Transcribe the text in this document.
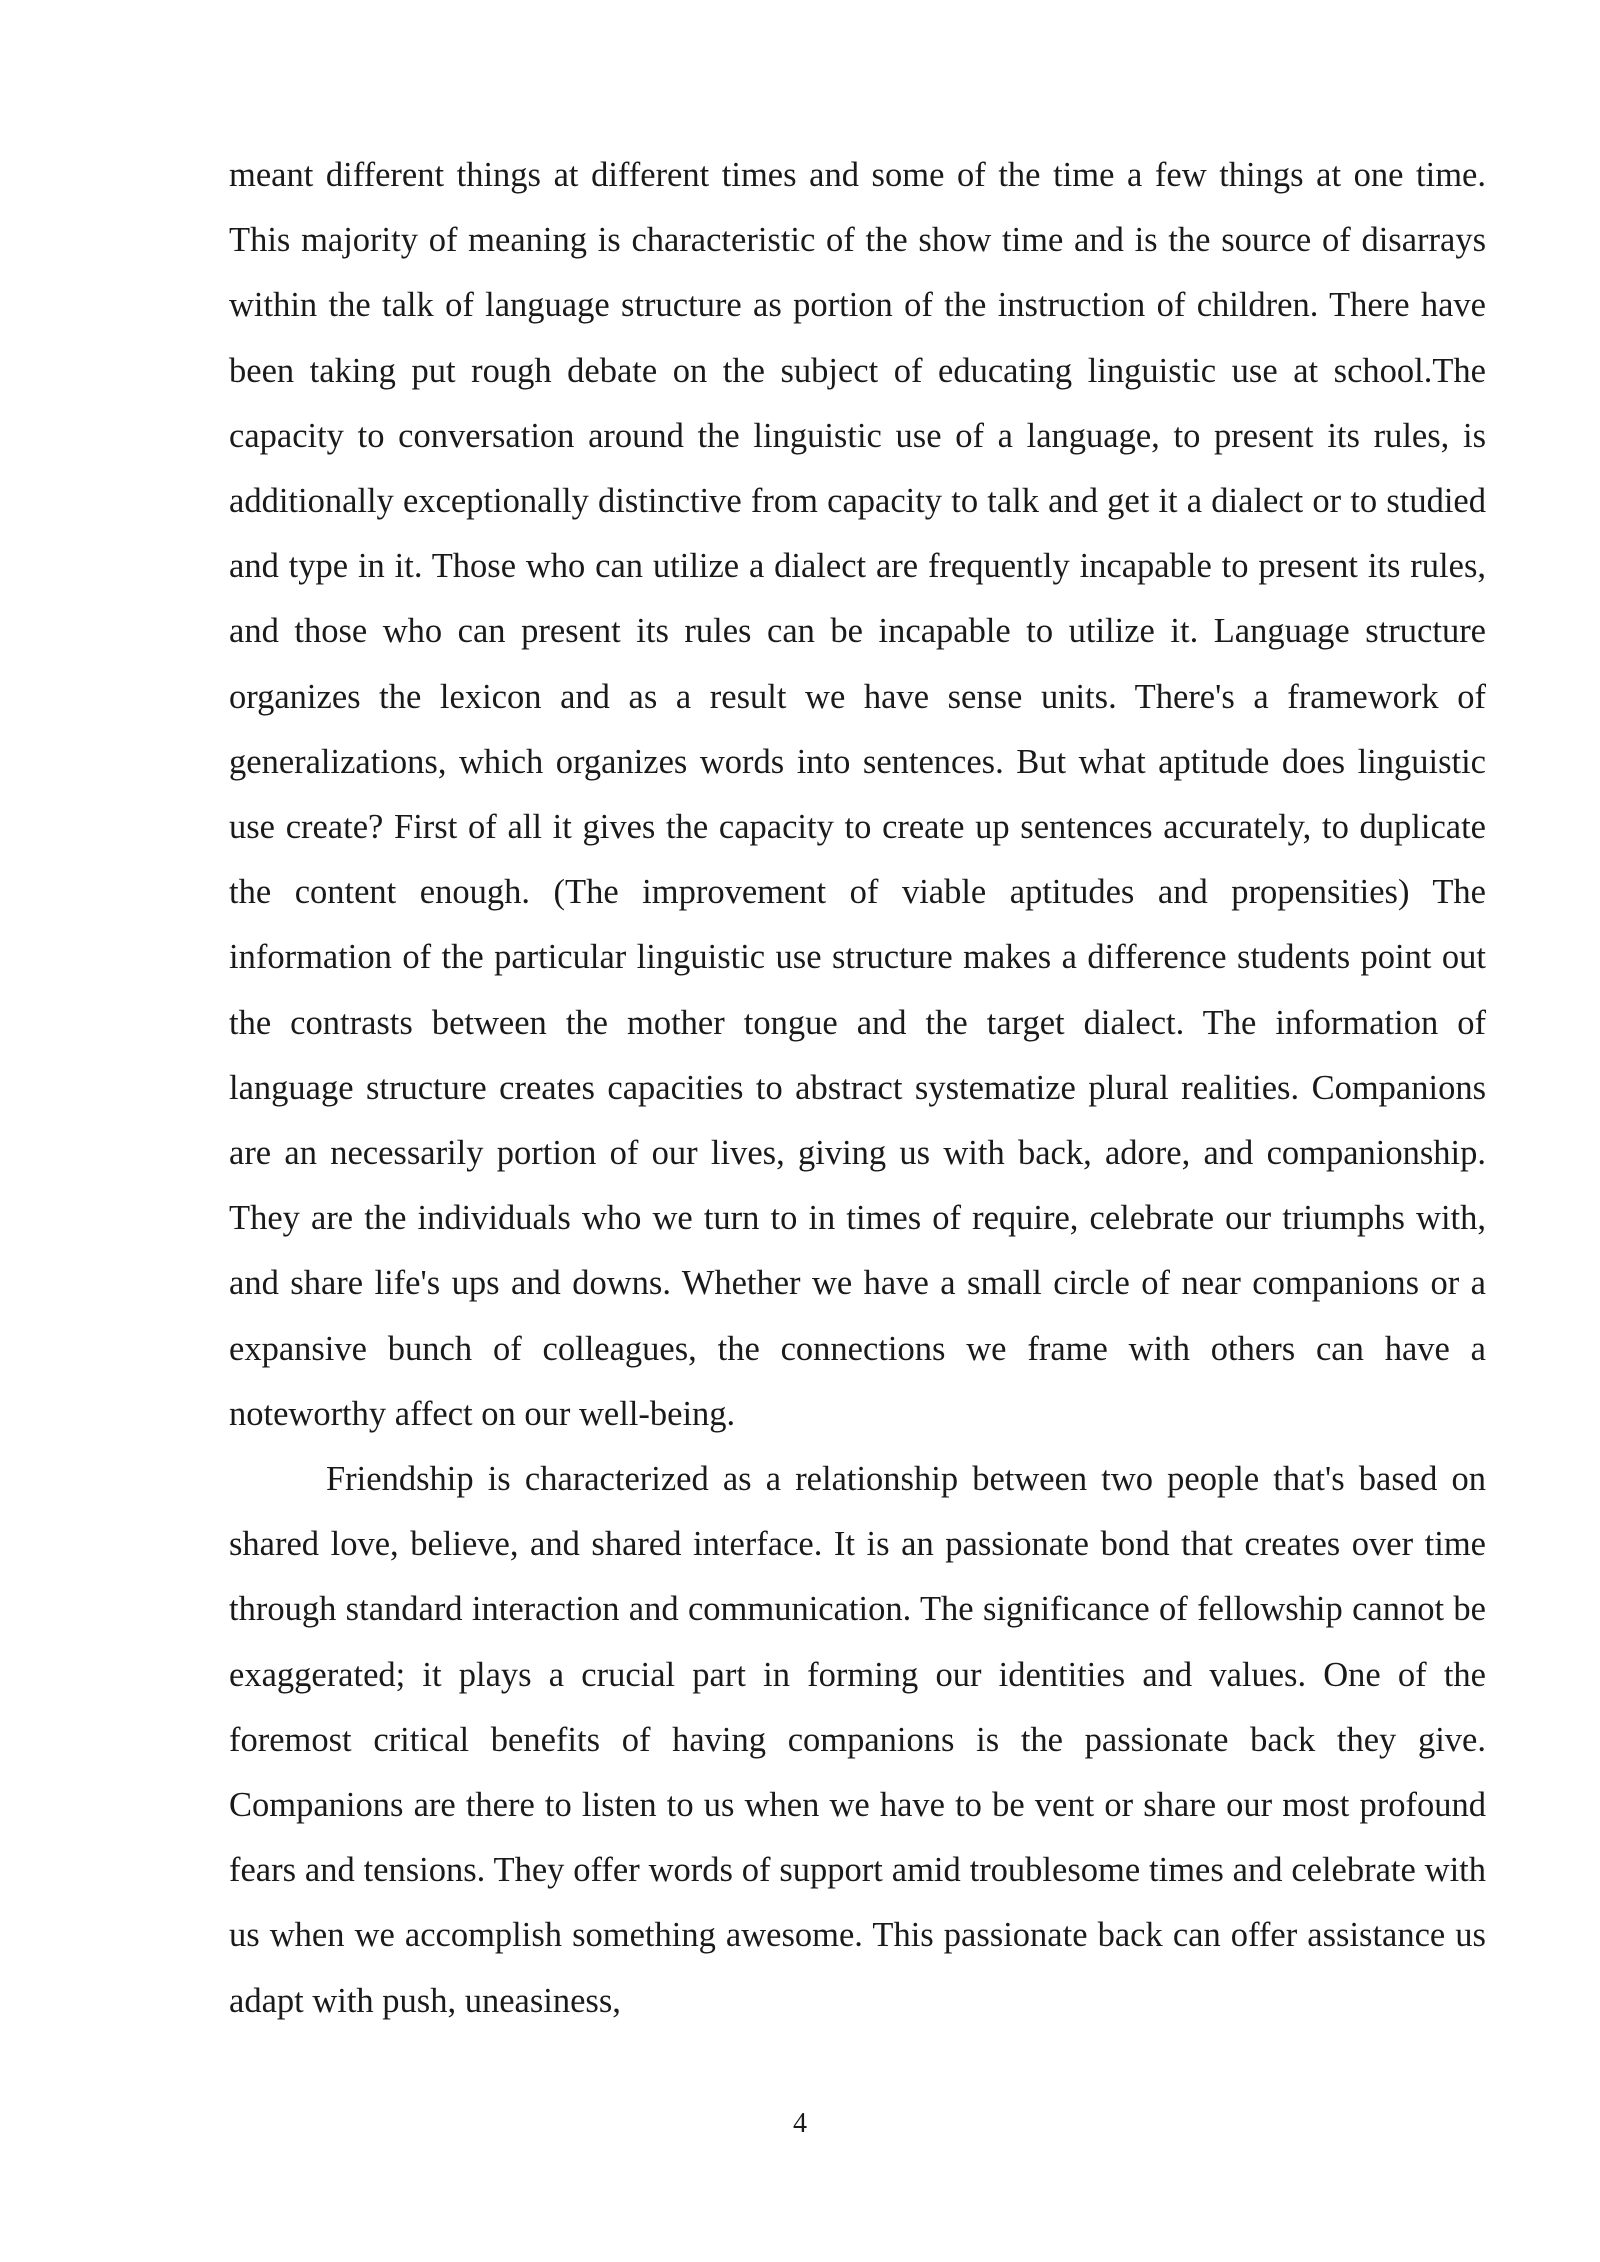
meant different things at different times and some of the time a few things at one time. This majority of meaning is characteristic of the show time and is the source of disarrays within the talk of language structure as portion of the instruction of children. There have been taking put rough debate on the subject of educating linguistic use at school.The capacity to conversation around the linguistic use of a language, to present its rules, is additionally exceptionally distinctive from capacity to talk and get it a dialect or to studied and type in it. Those who can utilize a dialect are frequently incapable to present its rules, and those who can present its rules can be incapable to utilize it. Language structure organizes the lexicon and as a result we have sense units. There's a framework of generalizations, which organizes words into sentences. But what aptitude does linguistic use create? First of all it gives the capacity to create up sentences accurately, to duplicate the content enough. (The improvement of viable aptitudes and propensities) The information of the particular linguistic use structure makes a difference students point out the contrasts between the mother tongue and the target dialect. The information of language structure creates capacities to abstract systematize plural realities. Companions are an necessarily portion of our lives, giving us with back, adore, and companionship. They are the individuals who we turn to in times of require, celebrate our triumphs with, and share life's ups and downs. Whether we have a small circle of near companions or a expansive bunch of colleagues, the connections we frame with others can have a noteworthy affect on our well-being.

Friendship is characterized as a relationship between two people that's based on shared love, believe, and shared interface. It is an passionate bond that creates over time through standard interaction and communication. The significance of fellowship cannot be exaggerated; it plays a crucial part in forming our identities and values. One of the foremost critical benefits of having companions is the passionate back they give. Companions are there to listen to us when we have to be vent or share our most profound fears and tensions. They offer words of support amid troublesome times and celebrate with us when we accomplish something awesome. This passionate back can offer assistance us adapt with push, uneasiness,

4
